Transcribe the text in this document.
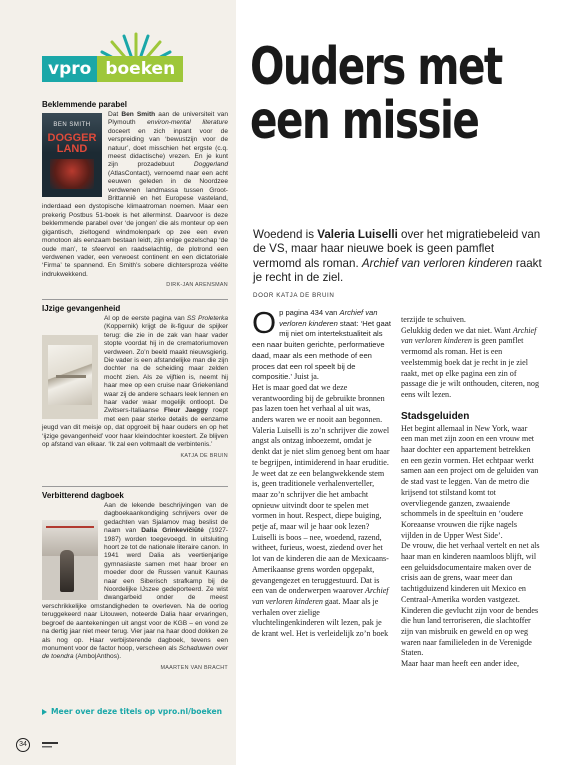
vpro boeken
Beklemmende parabel
BEN SMITH
DOGGER
LAND

Dat Ben Smith aan de universiteit van Plymouth environ-mental literature doceert en zich inpant voor de verspreiding van ‘bewustzijn voor de natuur’, doet misschien het ergste (c.q. meest didactische) vrezen. En je kunt zijn prozadebuut Doggerland (AtlasContact), vernoemd naar een acht eeuwen geleden in de Noordzee verdwenen landmassa tussen Groot-Brittannië en het Europese vasteland, inderdaad een dystopische klimaatroman noemen. Maar een prekerig Postbus 51-boek is het allerminst. Daarvoor is deze beklemmende parabel over ‘de jongen’ die als monteur op een gigantisch, zieltogend windmolenpark op zee een even monotoon als eenzaam bestaan leidt, zijn enige gezelschap ‘de oude man’, te sfeervol en raadselachtig, de plotrond een verdwenen vader, een verwoest continent en een dictatoriale ‘Firma’ te spannend. En Smith’s sobere dichtersproza vééltе indrukwekkend.

DIRK-JAN ARENSMAN
IJzige gevangenheid

Al op de eerste pagina van SS Proleterka (Koppernik) krijgt de ik-figuur de spijker terug: die zie in de zak van haar vader stopte voordat hij in de crematoriumoven verdween. Zo’n beeld maakt nieuwsgierig. Die vader is een afstandelijke man die zijn dochter na de scheiding maar zelden mocht zien. Als ze vijftien is, neemt hij haar mee op een cruise naar Griekenland waar zij de andere schaars leek lennen en haar vader waar mogelijk ontloopt. De Zwitsers-Italiaanse Fleur Jaeggy roept met een paar sterke details de eenzame jeugd van dit meisje op, dat opgroeit bij haar ouders en op het ‘ijzige gevangenheid’ voor haar kleindochter koestert. Ze blijven op afstand van elkaar. ‘Ik zal een voltmaalt de verbintenis.’

KATJA DE BRUIN
Verbitterend dagboek

Aan de lekende beschrijvingen van de dagboekaankondiging schrijvers over de gedachten van Sjalamov mag beslist de naam van Dalia Grinkevičiūtė (1927-1987) worden toegevoegd. In uitsluiting hoort ze tot de nationale literaire canon. In 1941 werd Dalia als veertienjarige gymnasiaste samen met haar broer en moeder door de Russen vanuit Kaunas naar een Siberisch strafkamp bij de Noordelijke IJszee gedeporteerd. Ze wist dwangarbeid onder de meest verschrikkelijke omstandigheden te overleven. Na de oorlog teruggekeerd naar Litouwen, noteerde Dalia haar ervaringen, begroef de aantekeningen uit angst voor de KGB – en vond ze na dertig jaar niet meer terug. Vier jaar na haar dood dokken ze als nog op. Haar verbijsterende dagboek, tevens een monument voor de factor hoop, verscheen als Schaduwen over de toendra (Ambo|Anthos).

MAARTEN VAN BRACHT
Meer over deze titels op vpro.nl/boeken
34
Ouders met
een missie
Woedend is Valeria Luiselli over het migratiebeleid van de VS, maar haar nieuwe boek is geen pamflet vermomd als roman. Archief van verloren kinderen raakt je recht in de ziel.
DOOR KATJA DE BRUIN
O p pagina 434 van Archief van verloren kinderen staat: ‘Het gaat mij niet om intertekstualiteit als een naar buiten gerichte, performatieve daad, maar als een methode of een proces dat een rol speelt bij de compositie.’ Juist ja.
Het is maar goed dat we deze verantwoording bij de gebruikte bronnen pas lazen toen het verhaal al uit was, anders waren we er nooit aan begonnen.
Valeria Luiselli is zo’n schrijver die zowel angst als ontzag inboezemt, omdat je denkt dat je niet slim genoeg bent om haar te begrijpen, intimiderend in haar eruditie. Je weet dat ze een belangwekkende stem is, geen traditionele verhalenverteller, maar zo’n schrijver die het ambacht opnieuw uitvindt door te spelen met vormen in hout. Respect, diepe buiging, petje af, maar wil je haar ook lezen?
Luiselli is boos – nee, woedend, razend, witheet, furieus, woest, ziedend over het lot van de kinderen die aan de Mexicaans-Amerikaanse grens worden opgepakt, gevangengezet en teruggestuurd. Dat is een van de onderwerpen waarover Archief van verloren kinderen gaat. Maar als je verhalen over zielige vluchtelingenkinderen wilt lezen, pak je de krant wel. Het is verleidelijk zo’n boek

terzijde te schuiven.
Gelukkig deden we dat niet. Want Archief van verloren kinderen is geen pamflet vermomd als roman. Het is een veelstemmig boek dat je recht in je ziel raakt, met op elke pagina een zin of passage die je wilt onthouden, citeren, nog eens wilt lezen.

Stadsgeluiden

Het begint allemaal in New York, waar een man met zijn zoon en een vrouw met haar dochter een appartement betrekken en een gezin vormen. Het echtpaar werkt samen aan een project om de geluiden van de stad vast te leggen. Van de metro die krijsend tot stilstand komt tot overvliegende ganzen, zwaaiende schommels in de speeltuin en ‘oudere Koreaanse vrouwen die rijke nagels vijlden in de Upper West Side’.
De vrouw, die het verhaal vertelt en net als haar man en kinderen naamloos blijft, wil een geluidsdocumentaire maken over de crisis aan de grens, waar meer dan tachtigduizend kinderen uit Mexico en Centraal-Amerika worden vastgezet. Kinderen die gevlucht zijn voor de bendes die hun land terroriseren, die slachtoffer zijn van misbruik en geweld en op weg waren naar familieleden in de Verenigde Staten.
Maar haar man heeft een ander idee,
